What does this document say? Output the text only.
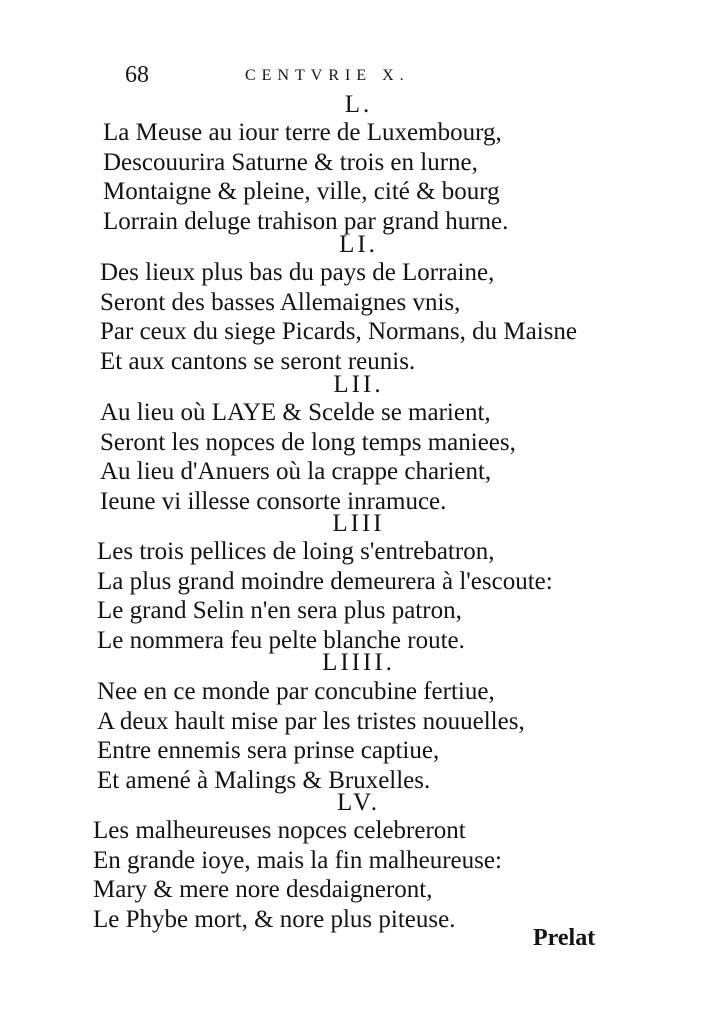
68	CENTVRIE X.
L.
La Meuse au iour terre de Luxembourg,
Descouurira Saturne & trois en lurne,
Montaigne & pleine, ville, cité & bourg
Lorrain deluge trahison par grand hurne.
LI.
Des lieux plus bas du pays de Lorraine,
Seront des basses Allemaignes vnis,
Par ceux du siege Picards, Normans, du Maisne
Et aux cantons se seront reunis.
LII.
Au lieu où LAYE & Scelde se marient,
Seront les nopces de long temps maniees,
Au lieu d'Anuers où la crappe charient,
Ieune vi illesse consorte inramuce.
LIII
Les trois pellices de loing s'entrebatron,
La plus grand moindre demeurera à l'escoute:
Le grand Selin n'en sera plus patron,
Le nommera feu pelte blanche route.
LIIII.
Nee en ce monde par concubine fertiue,
A deux hault mise par les tristes nouuelles,
Entre ennemis sera prinse captiue,
Et amené à Malings & Bruxelles.
LV.
Les malheureuses nopces celebreront
En grande ioye, mais la fin malheureuse:
Mary & mere nore desdaigneront,
Le Phybe mort, & nore plus piteuse.
Prelat
